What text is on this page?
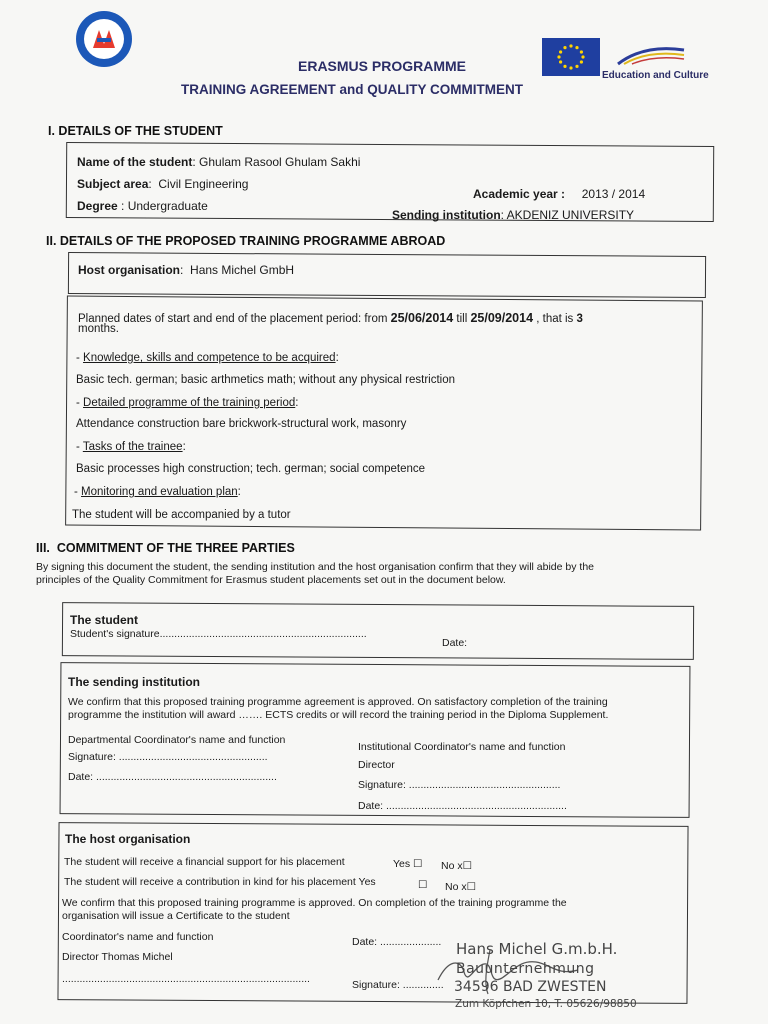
Education and Culture
ERASMUS PROGRAMME
TRAINING AGREEMENT and QUALITY COMMITMENT
I. DETAILS OF THE STUDENT
Name of the student: Ghulam Rasool Ghulam Sakhi
Subject area:  Civil Engineering
Degree : Undergraduate
Academic year : 2013 / 2014
Sending institution: AKDENIZ UNIVERSITY
II. DETAILS OF THE PROPOSED TRAINING PROGRAMME ABROAD
Host organisation:  Hans Michel GmbH
Planned dates of start and end of the placement period: from 25/06/2014 till 25/09/2014 , that is 3
months.
- Knowledge, skills and competence to be acquired:
Basic tech. german; basic arthmetics math; without any physical restriction
- Detailed programme of the training period:
Attendance construction bare brickwork-structural work, masonry
- Tasks of the trainee:
Basic processes high construction; tech. german; social competence
- Monitoring and evaluation plan:
The student will be accompanied by a tutor
III. COMMITMENT OF THE THREE PARTIES
By signing this document the student, the sending institution and the host organisation confirm that they will abide by the
principles of the Quality Commitment for Erasmus student placements set out in the document below.
The student
Student's signature.......................................................................
Date:
The sending institution
We confirm that this proposed training programme agreement is approved. On satisfactory completion of the training
programme the institution will award ……. ECTS credits or will record the training period in the Diploma Supplement.
Departmental Coordinator's name and function
Signature: ...................................................
Date: ..............................................................
Institutional Coordinator's name and function
Director
Signature: ....................................................
Date: ..............................................................
The host organisation
The student will receive a financial support for his placement	Yes ☐ No x☐
The student will receive a contribution in kind for his placement Yes	☐ No x☐
We confirm that this proposed training programme is approved. On completion of the training programme the
organisation will issue a Certificate to the student
Coordinator's name and function
Director Thomas Michel
.....................................................................................
Date: .....................
Signature: ..............
Hans Michel G.m.b.H.
Bauunternehmung
34596 BAD ZWESTEN
Zum Köpfchen 10, T. 05626/98850
